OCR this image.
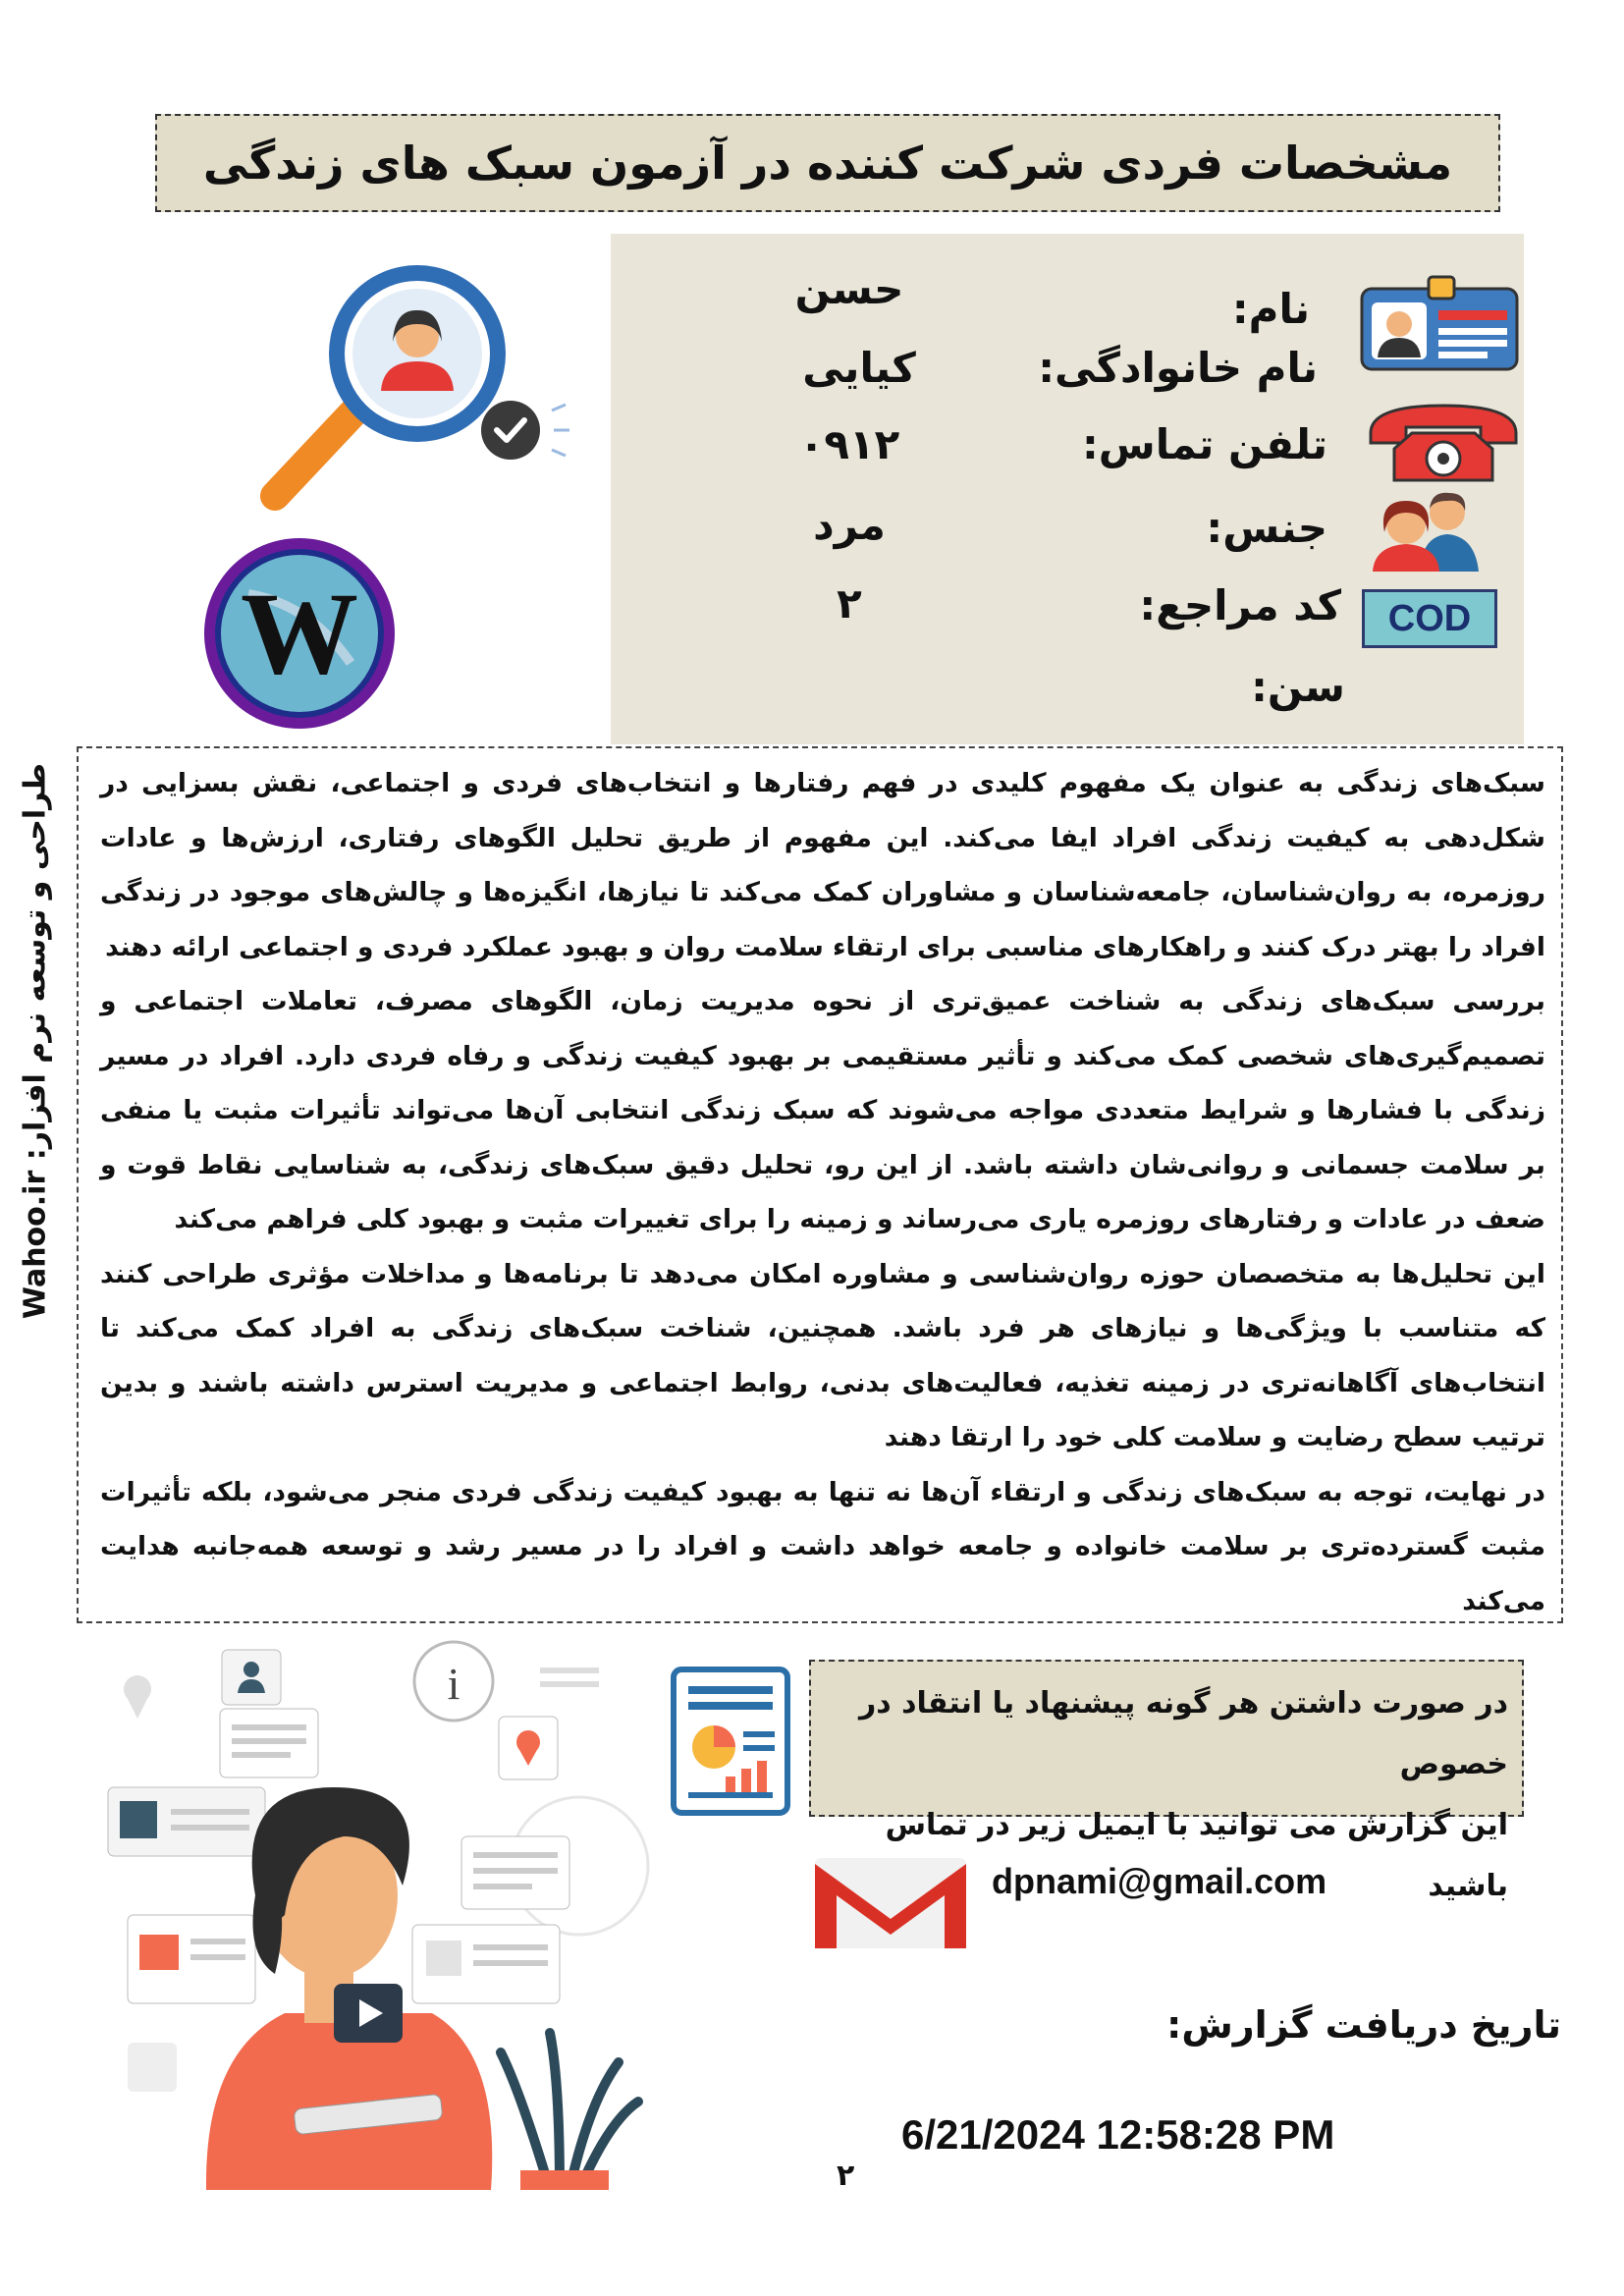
مشخصات فردی شرکت کننده در آزمون سبک های زندگی
W	COD
نام:
نام خانوادگی:
تلفن تماس:
جنس:
کد مراجع:
سن:
حسن
کیایی
۰۹۱۲
مرد
۲
طراحی و توسعه نرم افزار: Wahoo.ir سبک‌های زندگی به عنوان یک مفهوم کلیدی در فهم رفتارها و انتخاب‌های فردی و اجتماعی، نقش بسزایی در شکل‌دهی به کیفیت زندگی افراد ایفا می‌کند. این مفهوم از طریق تحلیل الگوهای رفتاری، ارزش‌ها و عادات روزمره، به روان‌شناسان، جامعه‌شناسان و مشاوران کمک می‌کند تا نیازها، انگیزه‌ها و چالش‌های موجود در زندگی افراد را بهتر درک کنند و راهکارهای مناسبی برای ارتقاء سلامت روان و بهبود عملکرد فردی و اجتماعی ارائه دهند

بررسی سبک‌های زندگی به شناخت عمیق‌تری از نحوه مدیریت زمان، الگوهای مصرف، تعاملات اجتماعی و تصمیم‌گیری‌های شخصی کمک می‌کند و تأثیر مستقیمی بر بهبود کیفیت زندگی و رفاه فردی دارد. افراد در مسیر زندگی با فشارها و شرایط متعددی مواجه می‌شوند که سبک زندگی انتخابی آن‌ها می‌تواند تأثیرات مثبت یا منفی بر سلامت جسمانی و روانی‌شان داشته باشد. از این رو، تحلیل دقیق سبک‌های زندگی، به شناسایی نقاط قوت و ضعف در عادات و رفتارهای روزمره یاری می‌رساند و زمینه را برای تغییرات مثبت و بهبود کلی فراهم می‌کند

این تحلیل‌ها به متخصصان حوزه روان‌شناسی و مشاوره امکان می‌دهد تا برنامه‌ها و مداخلات مؤثری طراحی کنند که متناسب با ویژگی‌ها و نیازهای هر فرد باشد. همچنین، شناخت سبک‌های زندگی به افراد کمک می‌کند تا انتخاب‌های آگاهانه‌تری در زمینه تغذیه، فعالیت‌های بدنی، روابط اجتماعی و مدیریت استرس داشته باشند و بدین ترتیب سطح رضایت و سلامت کلی خود را ارتقا دهند

در نهایت، توجه به سبک‌های زندگی و ارتقاء آن‌ها نه تنها به بهبود کیفیت زندگی فردی منجر می‌شود، بلکه تأثیرات مثبت گسترده‌تری بر سلامت خانواده و جامعه خواهد داشت و افراد را در مسیر رشد و توسعه همه‌جانبه هدایت می‌کند

i	در صورت داشتن هر گونه پیشنهاد یا انتقاد در خصوص

این گزارش می توانید با ایمیل زیر در تماس باشید

dpnami@gmail.com
تاریخ دریافت گزارش:
6/21/2024 12:58:28 PM
۲
